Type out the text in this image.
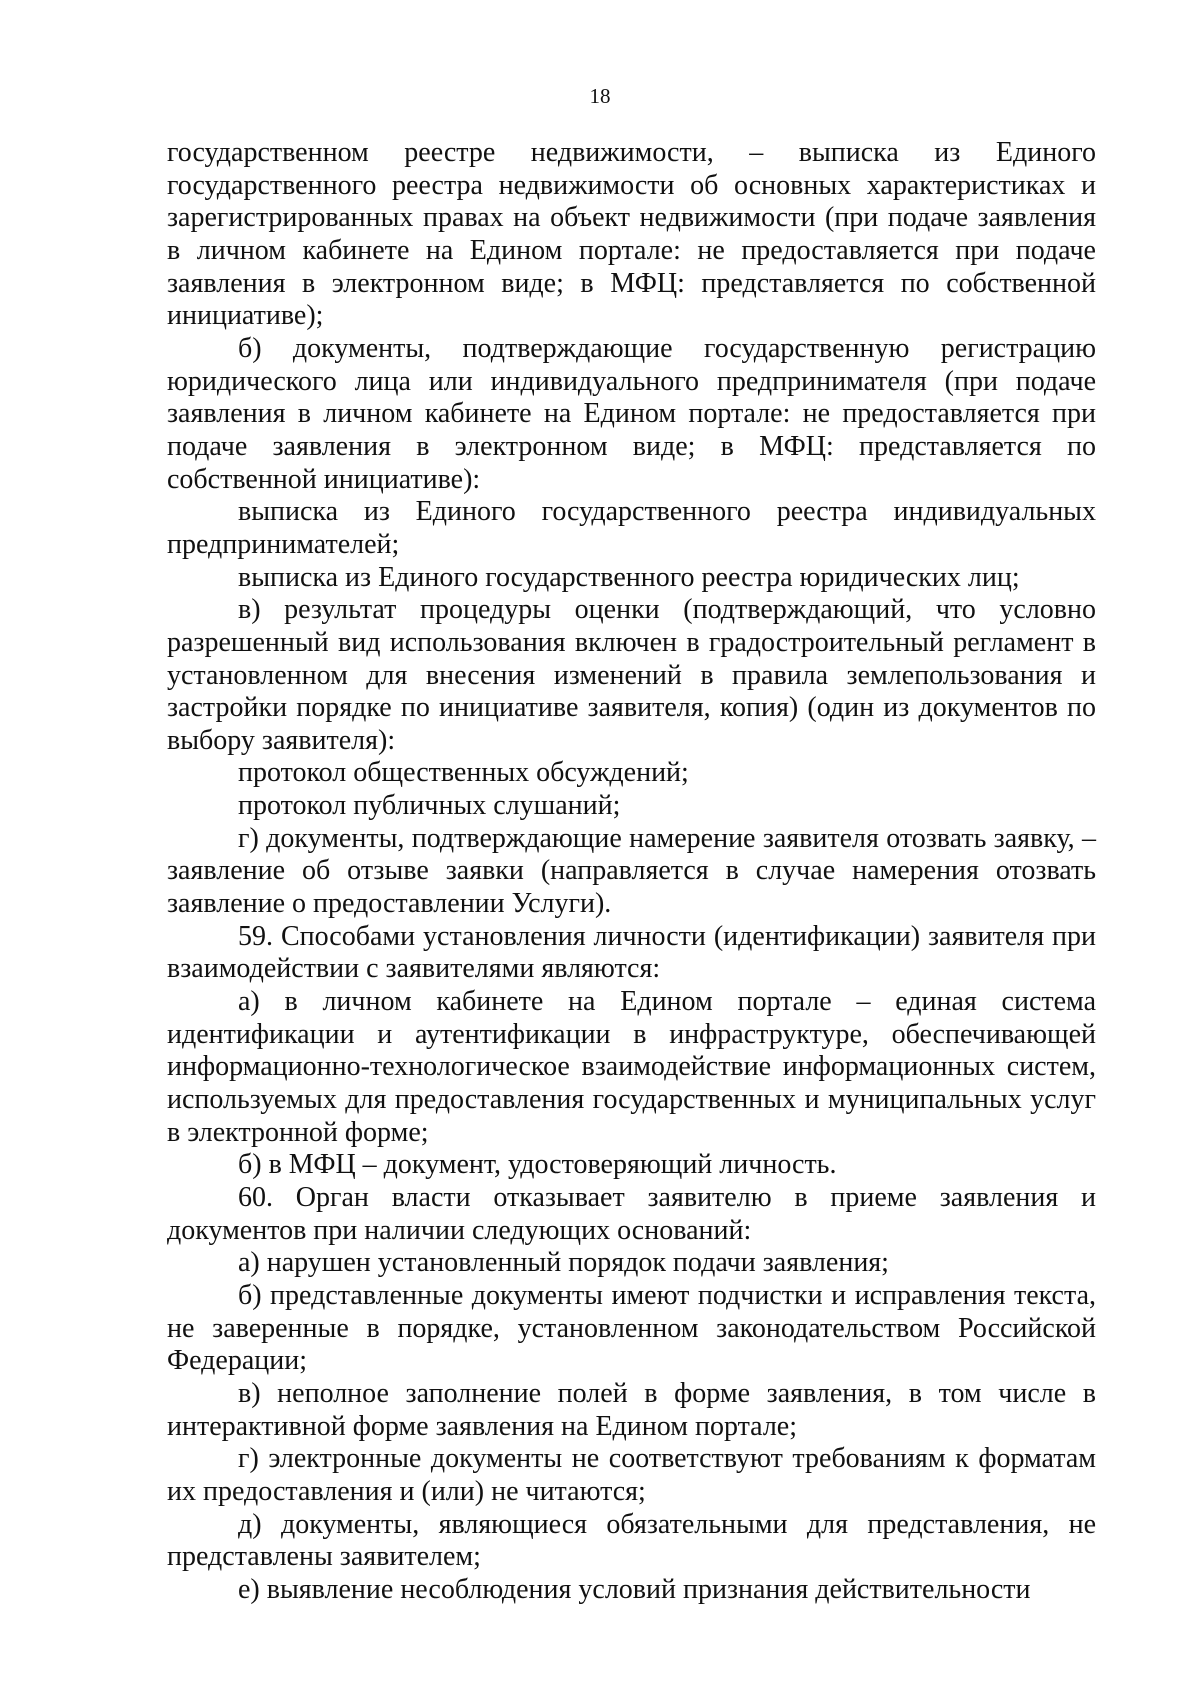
18

государственном реестре недвижимости, – выписка из Единого государственного реестра недвижимости об основных характеристиках и зарегистрированных правах на объект недвижимости (при подаче заявления в личном кабинете на Едином портале: не предоставляется при подаче заявления в электронном виде; в МФЦ: представляется по собственной инициативе);

б) документы, подтверждающие государственную регистрацию юридического лица или индивидуального предпринимателя (при подаче заявления в личном кабинете на Едином портале: не предоставляется при подаче заявления в электронном виде; в МФЦ: представляется по собственной инициативе):

выписка из Единого государственного реестра индивидуальных предпринимателей;

выписка из Единого государственного реестра юридических лиц;

в) результат процедуры оценки (подтверждающий, что условно разрешенный вид использования включен в градостроительный регламент в установленном для внесения изменений в правила землепользования и застройки порядке по инициативе заявителя, копия) (один из документов по выбору заявителя):

протокол общественных обсуждений;

протокол публичных слушаний;

г) документы, подтверждающие намерение заявителя отозвать заявку, – заявление об отзыве заявки (направляется в случае намерения отозвать заявление о предоставлении Услуги).

59. Способами установления личности (идентификации) заявителя при взаимодействии с заявителями являются:

а) в личном кабинете на Едином портале – единая система идентификации и аутентификации в инфраструктуре, обеспечивающей информационно-технологическое взаимодействие информационных систем, используемых для предоставления государственных и муниципальных услуг в электронной форме;

б) в МФЦ – документ, удостоверяющий личность.

60. Орган власти отказывает заявителю в приеме заявления и документов при наличии следующих оснований:

а) нарушен установленный порядок подачи заявления;

б) представленные документы имеют подчистки и исправления текста, не заверенные в порядке, установленном законодательством Российской Федерации;

в) неполное заполнение полей в форме заявления, в том числе в интерактивной форме заявления на Едином портале;

г) электронные документы не соответствуют требованиям к форматам их предоставления и (или) не читаются;

д) документы, являющиеся обязательными для представления, не представлены заявителем;

е) выявление несоблюдения условий признания действительности
